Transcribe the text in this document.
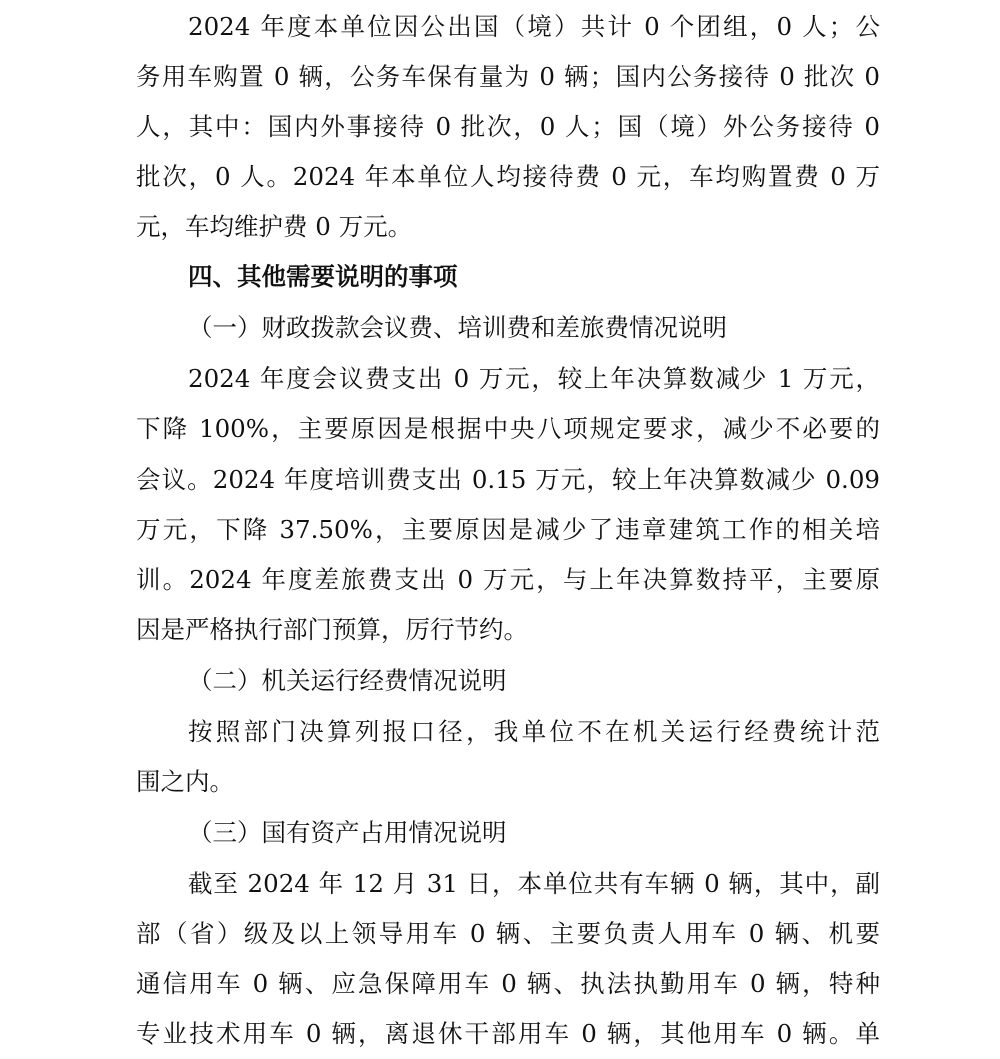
2024 年度本单位因公出国（境）共计 0 个团组，0 人；公
务用车购置 0 辆，公务车保有量为 0 辆；国内公务接待 0 批次 0
人，其中：国内外事接待 0 批次，0 人；国（境）外公务接待 0
批次，0 人。2024 年本单位人均接待费 0 元，车均购置费 0 万
元，车均维护费 0 万元。
四、其他需要说明的事项
（一）财政拨款会议费、培训费和差旅费情况说明
2024 年度会议费支出 0 万元，较上年决算数减少 1 万元，
下降 100%，主要原因是根据中央八项规定要求，减少不必要的
会议。2024 年度培训费支出 0.15 万元，较上年决算数减少 0.09
万元，下降 37.50%，主要原因是减少了违章建筑工作的相关培
训。2024 年度差旅费支出 0 万元，与上年决算数持平，主要原
因是严格执行部门预算，厉行节约。
（二）机关运行经费情况说明
按照部门决算列报口径，我单位不在机关运行经费统计范
围之内。
（三）国有资产占用情况说明
截至 2024 年 12 月 31 日，本单位共有车辆 0 辆，其中，副
部（省）级及以上领导用车 0 辆、主要负责人用车 0 辆、机要
通信用车 0 辆、应急保障用车 0 辆、执法执勤用车 0 辆，特种
专业技术用车 0 辆，离退休干部用车 0 辆，其他用车 0 辆。单
